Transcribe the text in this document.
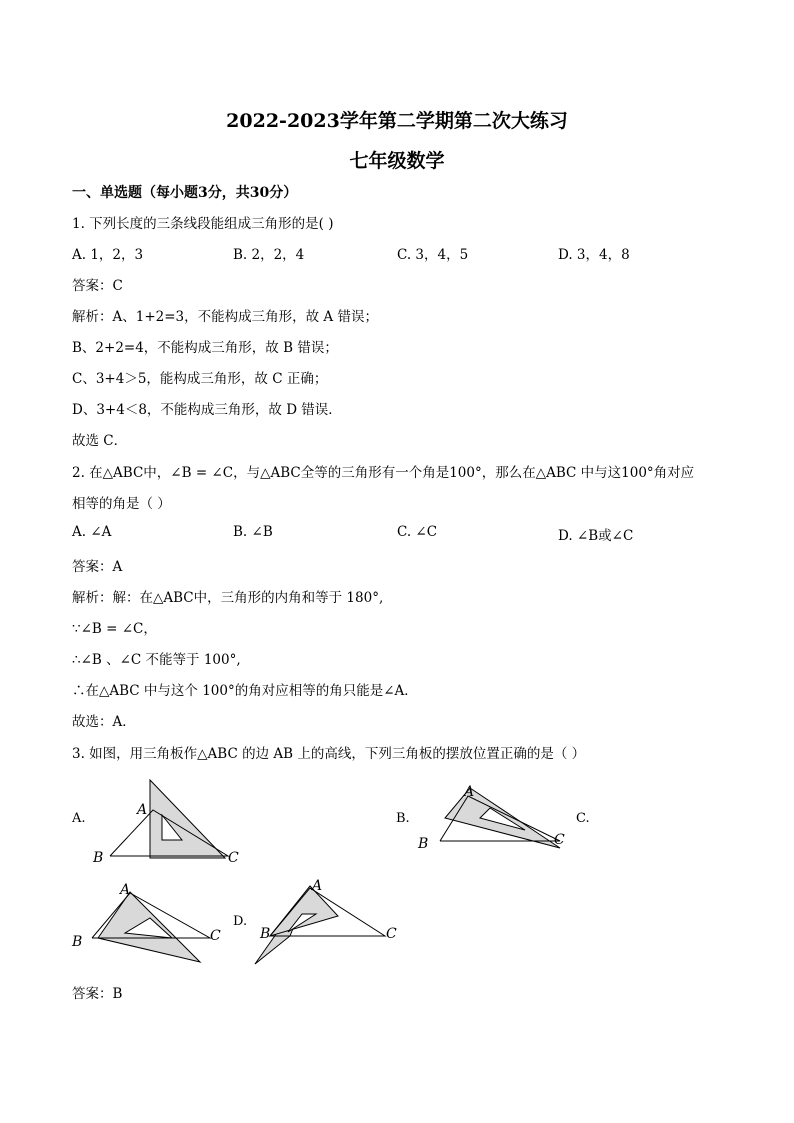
2022-2023学年第二学期第二次大练习
七年级数学
一、单选题（每小题3分，共30分）
1. 下列长度的三条线段能组成三角形的是( )
A. 1，2，3	B. 2，2，4	C. 3，4，5	D. 3，4，8
答案：C
解析：A、1+2=3，不能构成三角形，故 A 错误；
B、2+2=4，不能构成三角形，故 B 错误；
C、3+4＞5，能构成三角形，故 C 正确；
D、3+4＜8，不能构成三角形，故 D 错误．
故选 C．
2. 在△ABC中，∠B = ∠C，与△ABC全等的三角形有一个角是100°，那么在△ABC 中与这100°角对应
相等的角是（ ）
A. ∠A	B. ∠B	C. ∠C	D. ∠B或∠C
答案：A
解析：解：在△ABC中，三角形的内角和等于 180°,
∵∠B = ∠C，
∴∠B 、∠C 不能等于 100°,
∴在△ABC 中与这个 100°的角对应相等的角只能是∠A．
故选：A．
3. 如图，用三角板作△ABC 的边 AB 上的高线，下列三角板的摆放位置正确的是（ ）
A.	B.	C.
D.
A
B	C
A
B	C
A
B	C
A
B	C
答案：B
